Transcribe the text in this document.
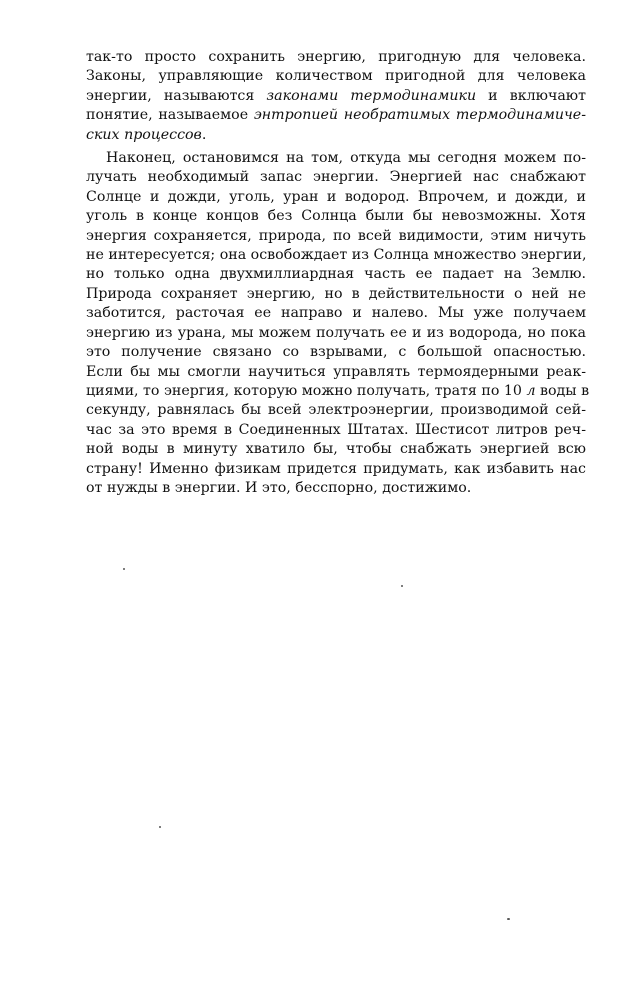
так-то просто сохранить энергию, пригодную для человека.
Законы, управляющие количеством пригодной для человека
энергии, называются законами термодинамики и включают
понятие, называемое энтропией необратимых термодинамиче-
ских процессов.
Наконец, остановимся на том, откуда мы сегодня можем по-
лучать необходимый запас энергии. Энергией нас снабжают
Солнце и дожди, уголь, уран и водород. Впрочем, и дожди, и
уголь в конце концов без Солнца были бы невозможны. Хотя
энергия сохраняется, природа, по всей видимости, этим ничуть
не интересуется; она освобождает из Солнца множество энергии,
но только одна двухмиллиардная часть ее падает на Землю.
Природа сохраняет энергию, но в действительности о ней не
заботится, расточая ее направо и налево. Мы уже получаем
энергию из урана, мы можем получать ее и из водорода, но пока
это получение связано со взрывами, с большой опасностью.
Если бы мы смогли научиться управлять термоядерными реак-
циями, то энергия, которую можно получать, тратя по 10 л воды в
секунду, равнялась бы всей электроэнергии, производимой сей-
час за это время в Соединенных Штатах. Шестисот литров реч-
ной воды в минуту хватило бы, чтобы снабжать энергией всю
страну! Именно физикам придется придумать, как избавить нас
от нужды в энергии. И это, бесспорно, достижимо.
